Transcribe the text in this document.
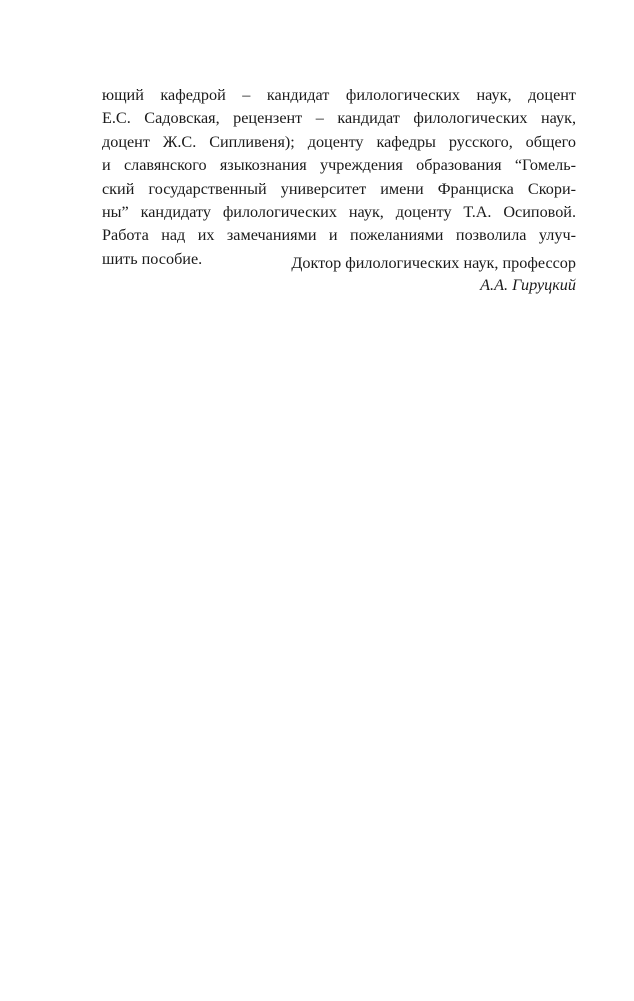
ющий кафедрой – кандидат филологических наук, доцент
Е.С. Садовская, рецензент – кандидат филологических наук,
доцент Ж.С. Сипливеня); доценту кафедры русского, общего
и славянского языкознания учреждения образования “Гомель-
ский государственный университет имени Франциска Скори-
ны” кандидату филологических наук, доценту Т.А. Осиповой.
Работа над их замечаниями и пожеланиями позволила улуч-
шить пособие.	Доктор филологических наук, профессор
А.А. Гируцкий
